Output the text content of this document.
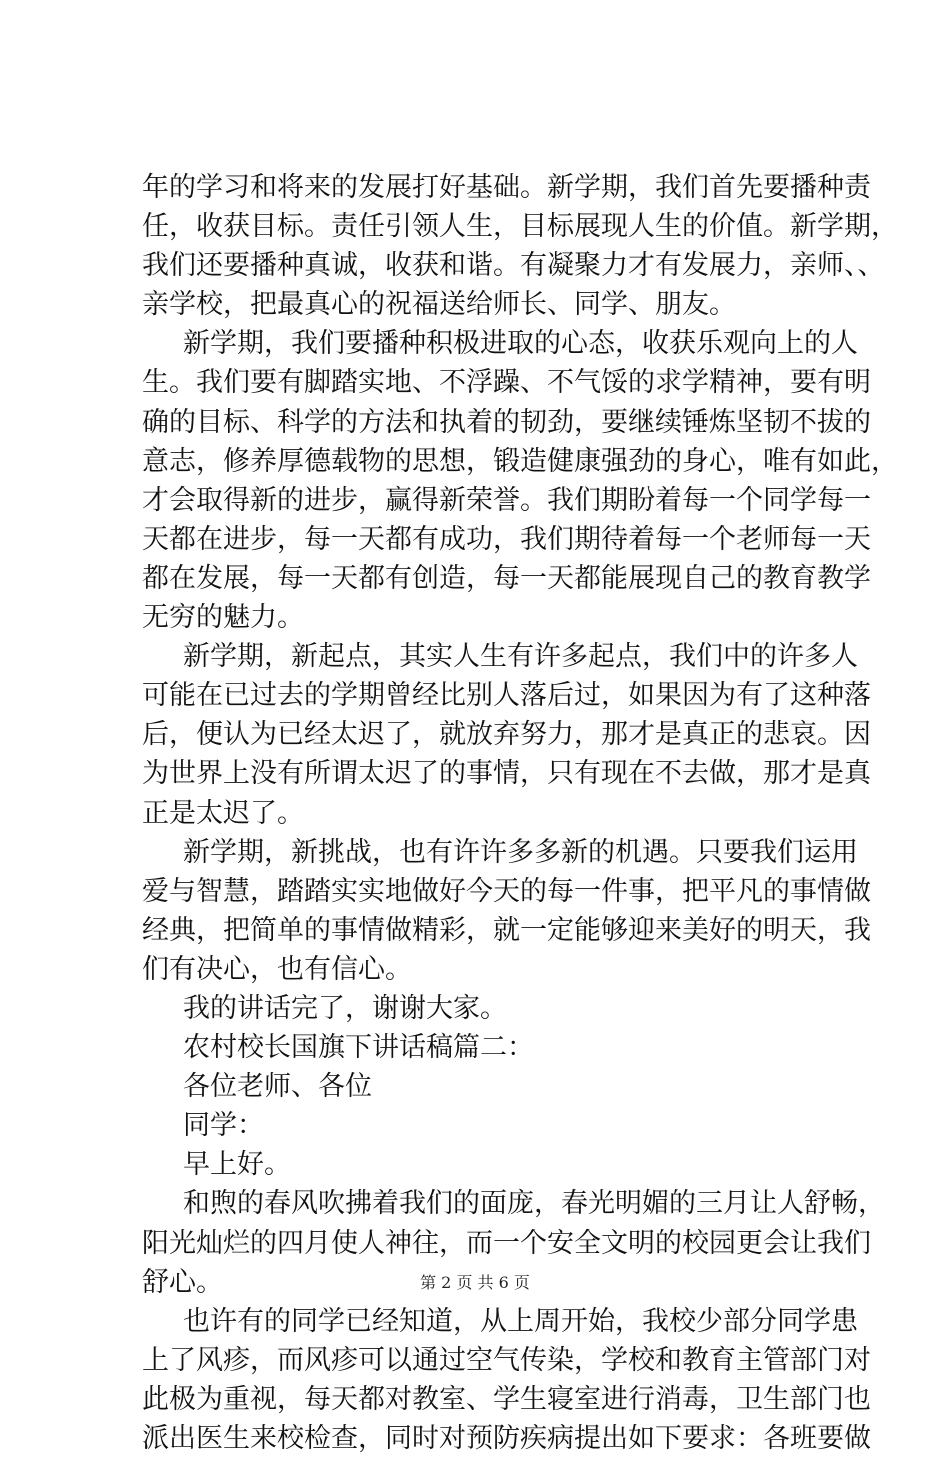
年的学习和将来的发展打好基础。新学期，我们首先要播种责
任，收获目标。责任引领人生，目标展现人生的价值。新学期，
我们还要播种真诚，收获和谐。有凝聚力才有发展力，亲师、、
亲学校，把最真心的祝福送给师长、同学、朋友。
新学期，我们要播种积极进取的心态，收获乐观向上的人
生。我们要有脚踏实地、不浮躁、不气馁的求学精神，要有明
确的目标、科学的方法和执着的韧劲，要继续锤炼坚韧不拔的
意志，修养厚德载物的思想，锻造健康强劲的身心，唯有如此，
才会取得新的进步，赢得新荣誉。我们期盼着每一个同学每一
天都在进步，每一天都有成功，我们期待着每一个老师每一天
都在发展，每一天都有创造，每一天都能展现自己的教育教学
无穷的魅力。
新学期，新起点，其实人生有许多起点，我们中的许多人
可能在已过去的学期曾经比别人落后过，如果因为有了这种落
后，便认为已经太迟了，就放弃努力，那才是真正的悲哀。因
为世界上没有所谓太迟了的事情，只有现在不去做，那才是真
正是太迟了。
新学期，新挑战，也有许许多多新的机遇。只要我们运用
爱与智慧，踏踏实实地做好今天的每一件事，把平凡的事情做
经典，把简单的事情做精彩，就一定能够迎来美好的明天，我
们有决心，也有信心。
我的讲话完了，谢谢大家。
农村校长国旗下讲话稿篇二：
各位老师、各位
同学：
早上好。
和煦的春风吹拂着我们的面庞，春光明媚的三月让人舒畅，
阳光灿烂的四月使人神往，而一个安全文明的校园更会让我们
舒心。
也许有的同学已经知道，从上周开始，我校少部分同学患
上了风疹，而风疹可以通过空气传染，学校和教育主管部门对
此极为重视，每天都对教室、学生寝室进行消毒，卫生部门也
派出医生来校检查，同时对预防疾病提出如下要求：各班要做
第 2 页 共 6 页
